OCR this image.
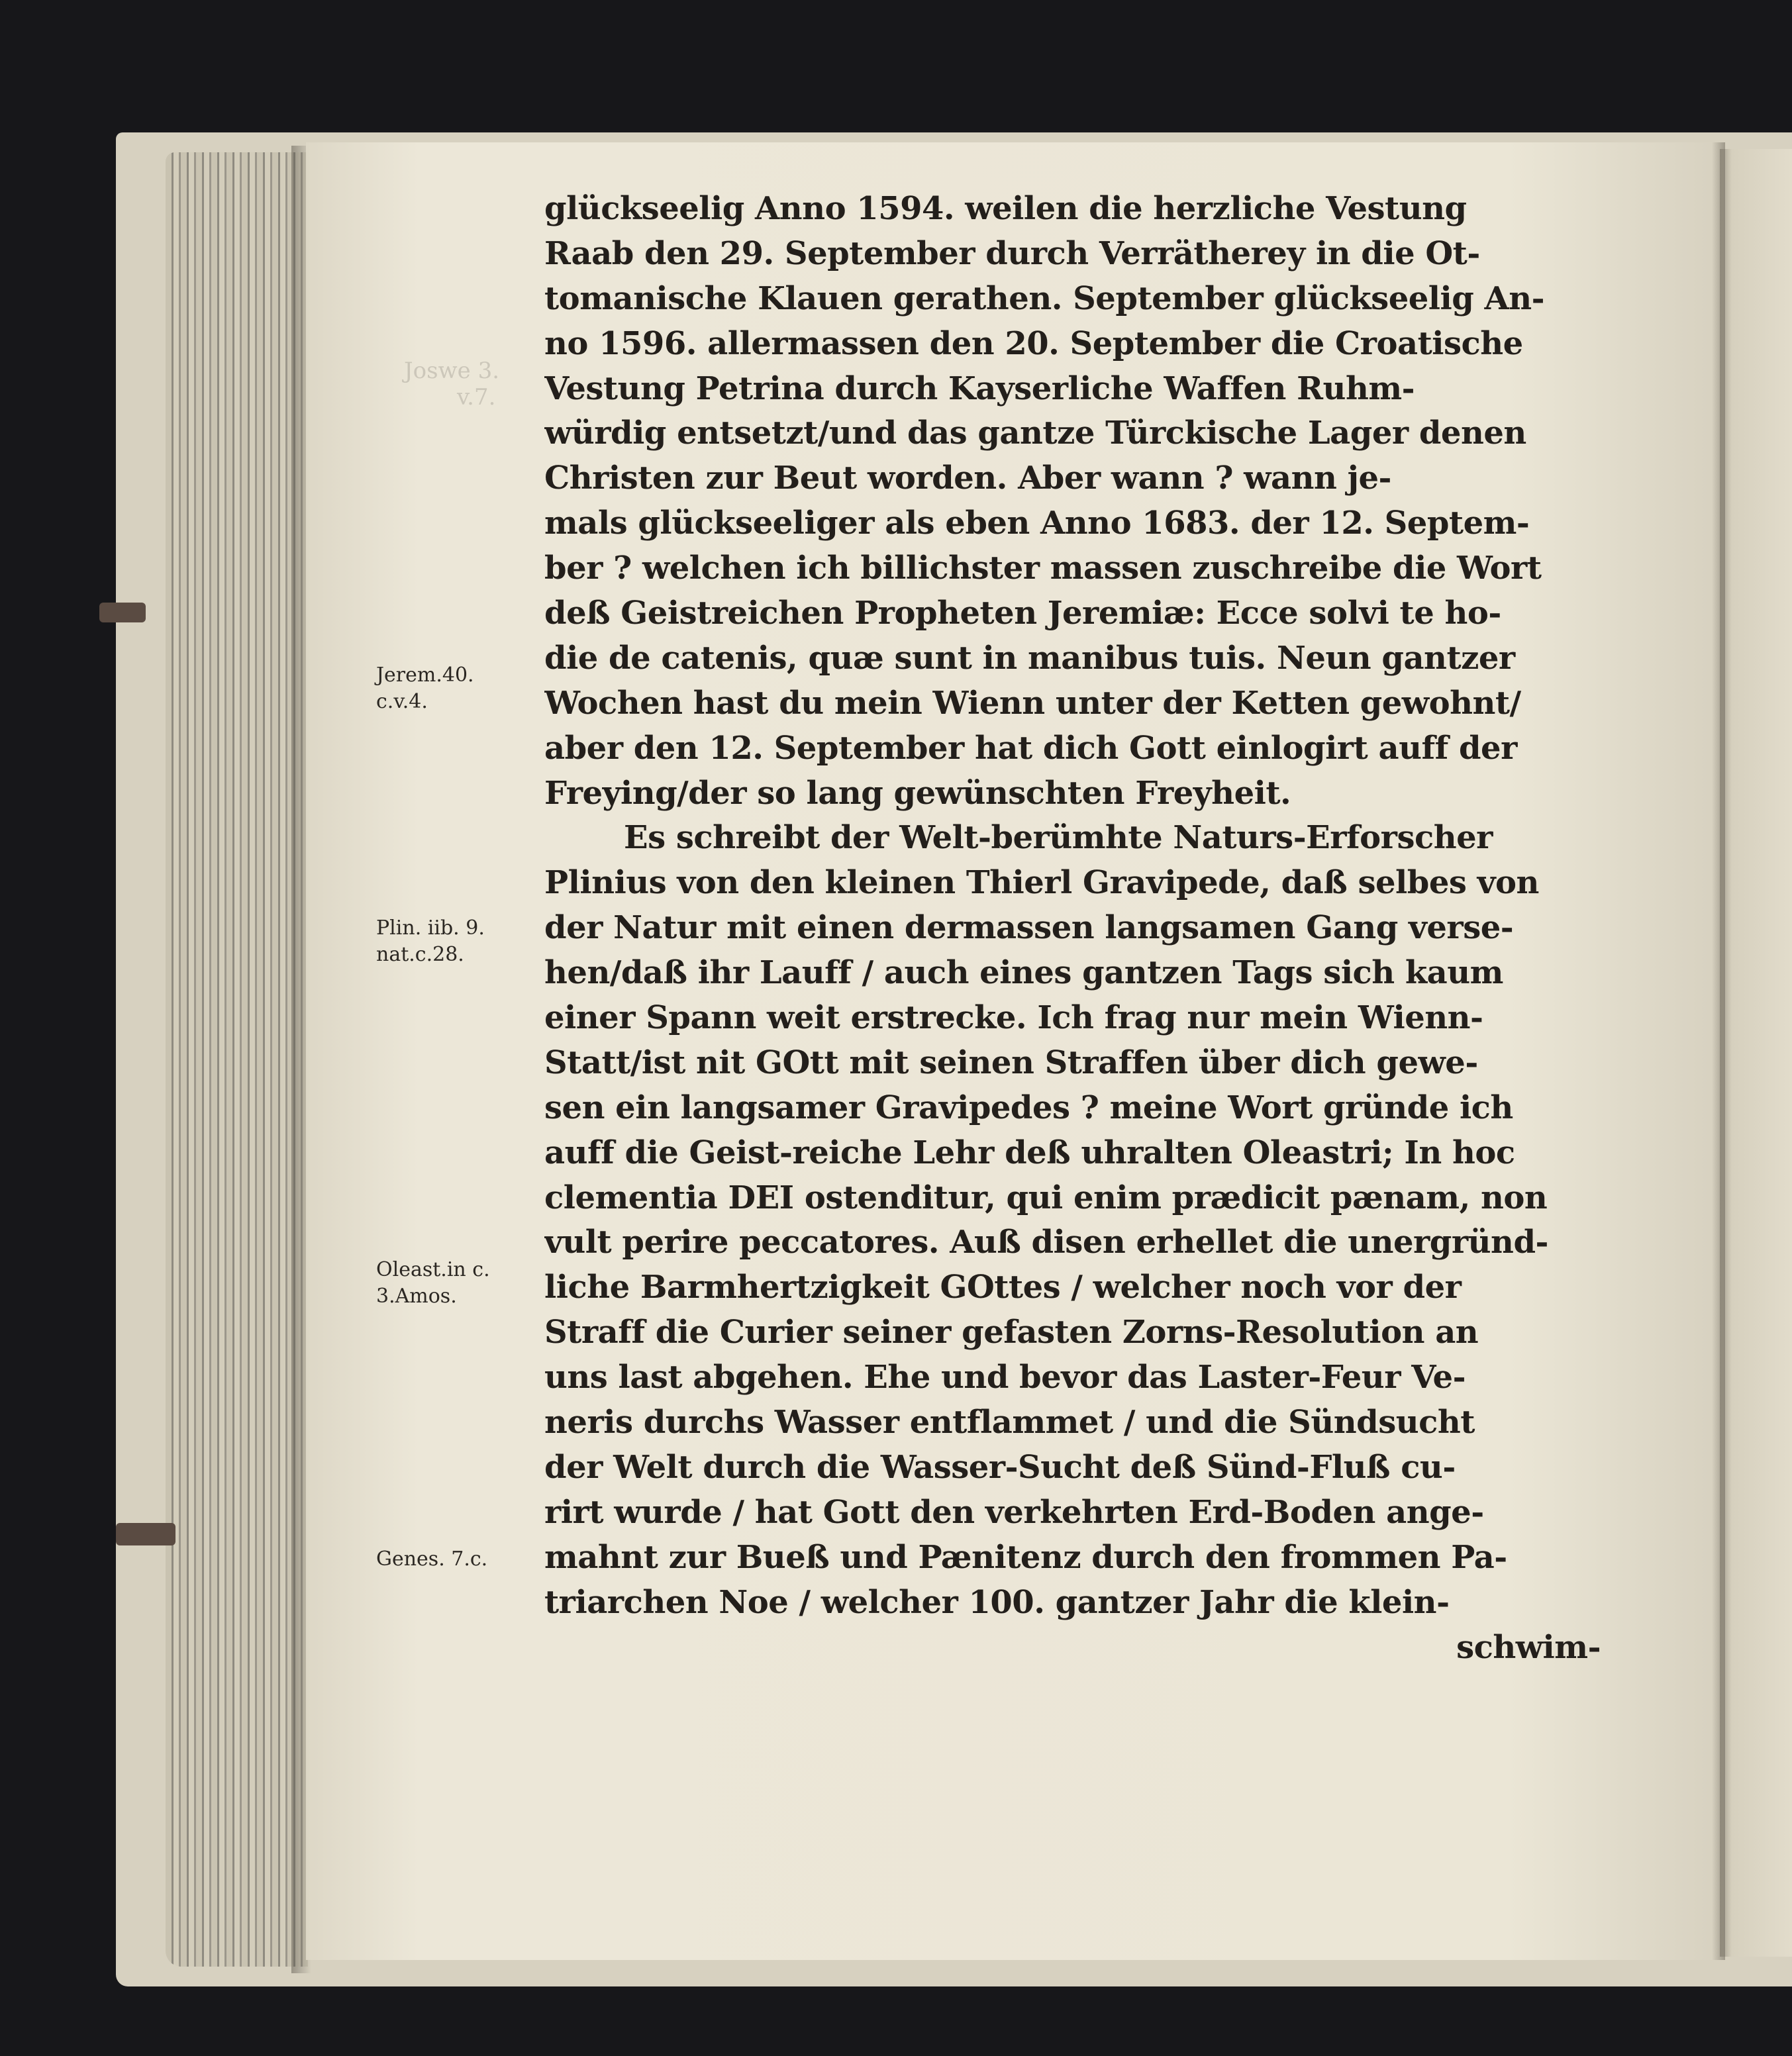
Joswe 3.
v.7.
Jerem.40.
c.v.4.
Plin. iib. 9.
nat.c.28.
Oleast.in c.
3.Amos.
Genes. 7.c.
glückseelig Anno 1594. weilen die herzliche Vestung
Raab den 29. September durch Verrätherey in die Ot-
tomanische Klauen gerathen. September glückseelig An-
no 1596. allermassen den 20. September die Croatische
Vestung Petrina durch Kayserliche Waffen Ruhm-
würdig entsetzt/und das gantze Türckische Lager denen
Christen zur Beut worden. Aber wann ? wann je-
mals glückseeliger als eben Anno 1683. der 12. Septem-
ber ? welchen ich billichster massen zuschreibe die Wort
deß Geistreichen Propheten Jeremiæ: Ecce solvi te ho-
die de catenis, quæ sunt in manibus tuis. Neun gantzer
Wochen hast du mein Wienn unter der Ketten gewohnt/
aber den 12. September hat dich Gott einlogirt auff der
Freying/der so lang gewünschten Freyheit.
Es schreibt der Welt-berümhte Naturs-Erforscher
Plinius von den kleinen Thierl Gravipede, daß selbes von
der Natur mit einen dermassen langsamen Gang verse-
hen/daß ihr Lauff / auch eines gantzen Tags sich kaum
einer Spann weit erstrecke. Ich frag nur mein Wienn-
Statt/ist nit GOtt mit seinen Straffen über dich gewe-
sen ein langsamer Gravipedes ? meine Wort gründe ich
auff die Geist-reiche Lehr deß uhralten Oleastri; In hoc
clementia DEI ostenditur, qui enim prædicit pænam, non
vult perire peccatores. Auß disen erhellet die unergründ-
liche Barmhertzigkeit GOttes / welcher noch vor der
Straff die Curier seiner gefasten Zorns-Resolution an
uns last abgehen. Ehe und bevor das Laster-Feur Ve-
neris durchs Wasser entflammet / und die Sündsucht
der Welt durch die Wasser-Sucht deß Sünd-Fluß cu-
rirt wurde / hat Gott den verkehrten Erd-Boden ange-
mahnt zur Bueß und Pænitenz durch den frommen Pa-
triarchen Noe / welcher 100. gantzer Jahr die klein-
schwim-
